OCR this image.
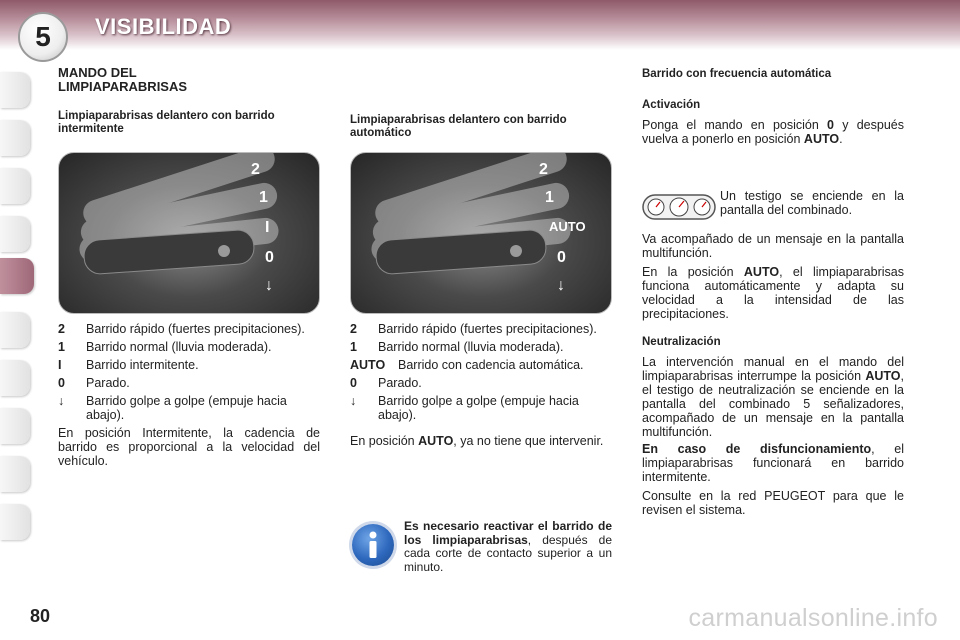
5	VISIBILIDAD
MANDO DEL LIMPIAPARABRISAS
Limpiaparabrisas delantero con barrido intermitente
2
1
I
0
↓
2	Barrido rápido (fuertes precipitaciones).
1	Barrido normal (lluvia moderada).
I	Barrido intermitente.
0	Parado.
↓	Barrido golpe a golpe (empuje hacia abajo).

En posición Intermitente, la cadencia de barrido es proporcional a la velocidad del vehículo.

Limpiaparabrisas delantero con barrido automático
2
1
AUTO
0
↓
2	Barrido rápido (fuertes precipitaciones).
1	Barrido normal (lluvia moderada).
AUTO	Barrido con cadencia automática.
0	Parado.
↓	Barrido golpe a golpe (empuje hacia abajo).

En posición AUTO, ya no tiene que intervenir.

Es necesario reactivar el barrido de los limpiaparabrisas, después de cada corte de contacto superior a un minuto.

Barrido con frecuencia automática
Activación

Ponga el mando en posición 0 y después vuelva a ponerlo en posición AUTO.

Un testigo se enciende en la pantalla del combinado.

Va acompañado de un mensaje en la pantalla multifunción.

En la posición AUTO, el limpiaparabrisas funciona automáticamente y adapta su velocidad a la intensidad de las precipitaciones.

Neutralización

La intervención manual en el mando del limpiaparabrisas interrumpe la posición AUTO, el testigo de neutralización se enciende en la pantalla del combinado 5 señalizadores, acompañado de un mensaje en la pantalla multifunción.

En caso de disfuncionamiento, el limpiaparabrisas funcionará en barrido intermitente.

Consulte en la red PEUGEOT para que le revisen el sistema.

80	carmanualsonline.info
